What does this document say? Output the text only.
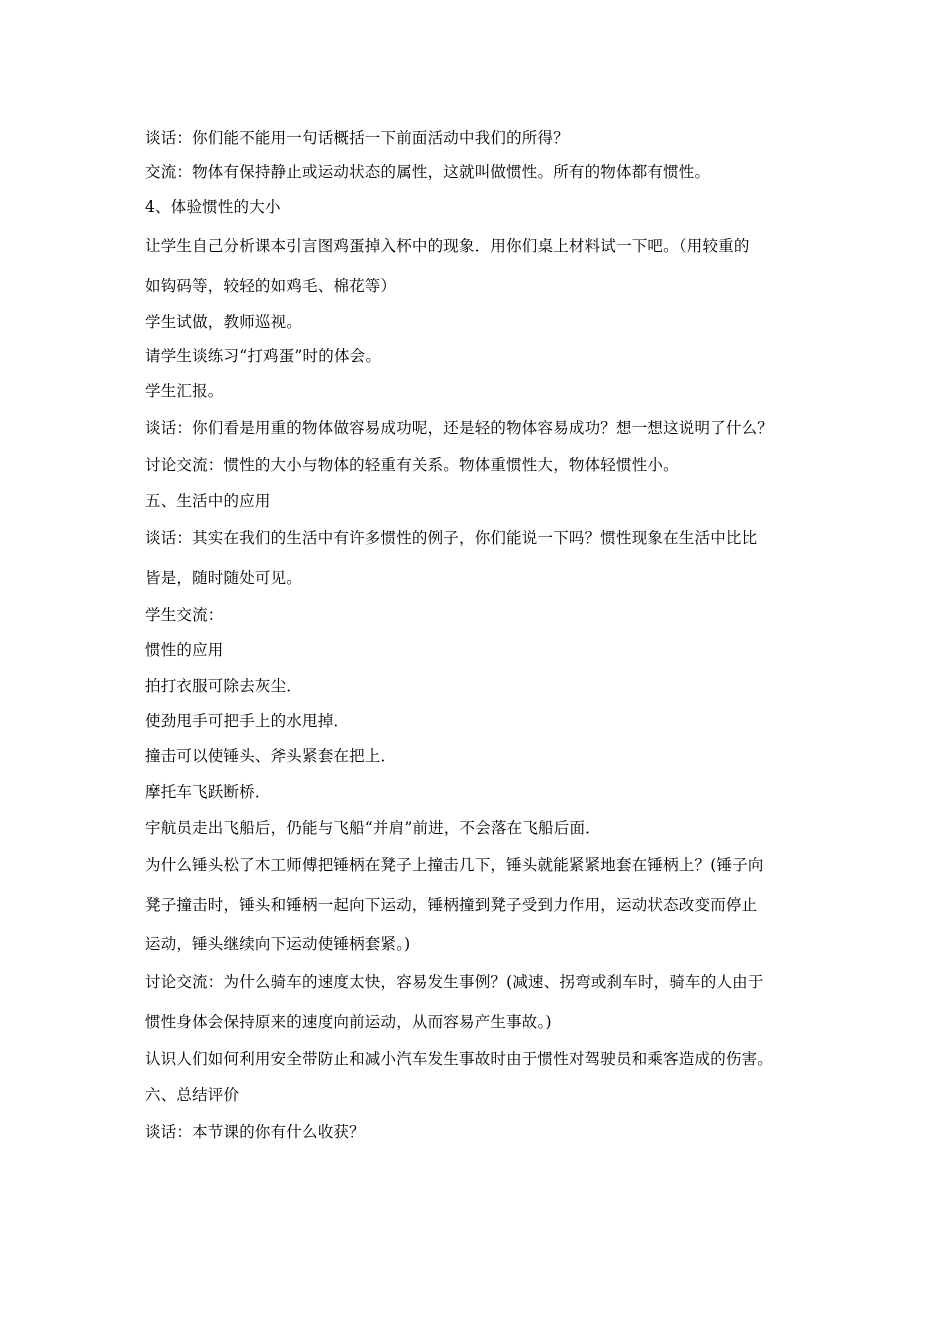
谈话：你们能不能用一句话概括一下前面活动中我们的所得？
交流：物体有保持静止或运动状态的属性，这就叫做惯性。所有的物体都有惯性。
4、体验惯性的大小
让学生自己分析课本引言图鸡蛋掉入杯中的现象．用你们桌上材料试一下吧。（用较重的
如钩码等，较轻的如鸡毛、棉花等）
学生试做，教师巡视。
请学生谈练习“打鸡蛋”时的体会。
学生汇报。
谈话：你们看是用重的物体做容易成功呢，还是轻的物体容易成功？想一想这说明了什么？
讨论交流：惯性的大小与物体的轻重有关系。物体重惯性大，物体轻惯性小。
五、生活中的应用
谈话：其实在我们的生活中有许多惯性的例子，你们能说一下吗？惯性现象在生活中比比
皆是，随时随处可见。
学生交流：
惯性的应用
拍打衣服可除去灰尘．
使劲甩手可把手上的水甩掉．
撞击可以使锤头、斧头紧套在把上．
摩托车飞跃断桥．
宇航员走出飞船后，仍能与飞船“并肩”前进，不会落在飞船后面．
为什么锤头松了木工师傅把锤柄在凳子上撞击几下，锤头就能紧紧地套在锤柄上？(锤子向
凳子撞击时，锤头和锤柄一起向下运动，锤柄撞到凳子受到力作用，运动状态改变而停止
运动，锤头继续向下运动使锤柄套紧。)
讨论交流：为什么骑车的速度太快，容易发生事例？(减速、拐弯或刹车时，骑车的人由于
惯性身体会保持原来的速度向前运动，从而容易产生事故。)
认识人们如何利用安全带防止和减小汽车发生事故时由于惯性对驾驶员和乘客造成的伤害。
六、总结评价
谈话：本节课的你有什么收获？
